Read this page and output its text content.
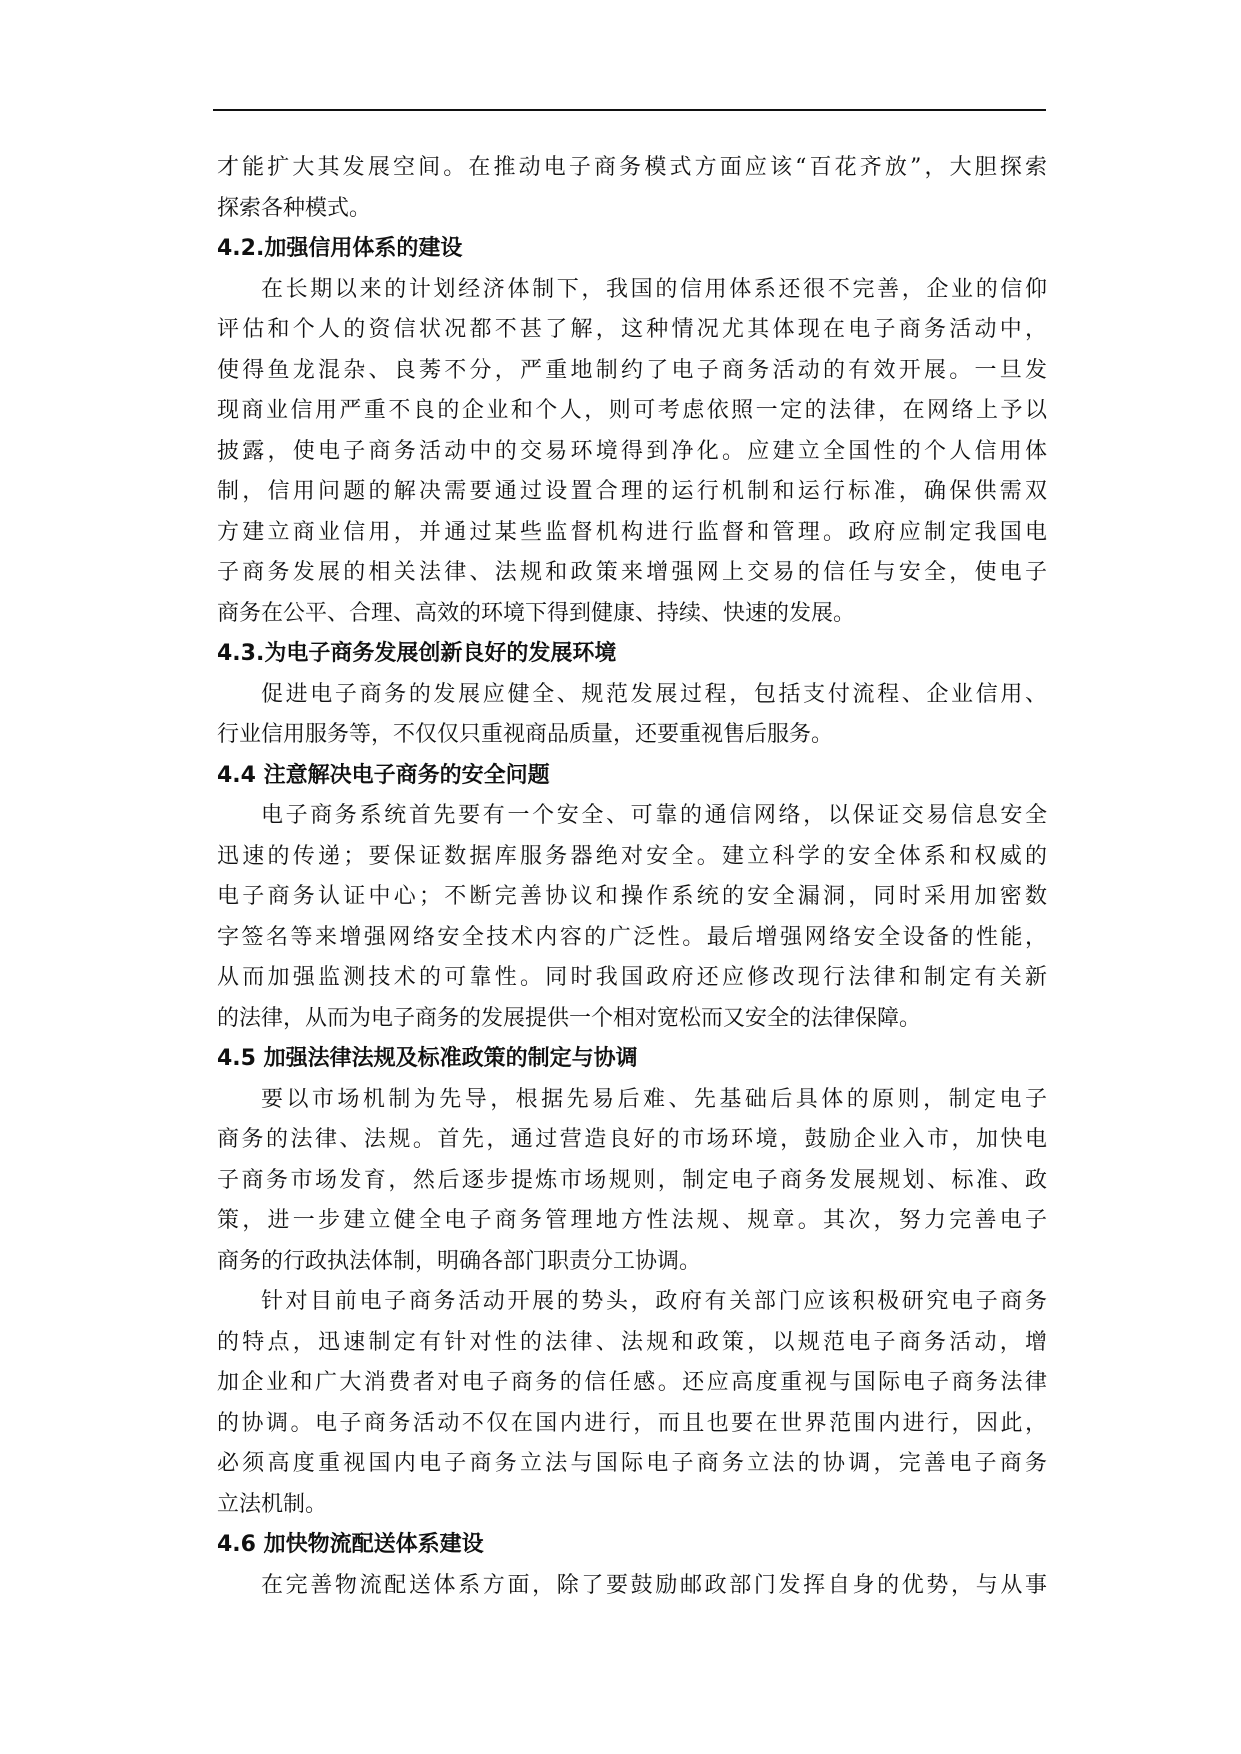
才能扩大其发展空间。在推动电子商务模式方面应该“百花齐放”，大胆探索
探索各种模式。
4.2.加强信用体系的建设
在长期以来的计划经济体制下，我国的信用体系还很不完善，企业的信仰
评估和个人的资信状况都不甚了解，这种情况尤其体现在电子商务活动中，
使得鱼龙混杂、良莠不分，严重地制约了电子商务活动的有效开展。一旦发
现商业信用严重不良的企业和个人，则可考虑依照一定的法律，在网络上予以
披露，使电子商务活动中的交易环境得到净化。应建立全国性的个人信用体
制，信用问题的解决需要通过设置合理的运行机制和运行标准，确保供需双
方建立商业信用，并通过某些监督机构进行监督和管理。政府应制定我国电
子商务发展的相关法律、法规和政策来增强网上交易的信任与安全，使电子
商务在公平、合理、高效的环境下得到健康、持续、快速的发展。
4.3.为电子商务发展创新良好的发展环境
促进电子商务的发展应健全、规范发展过程，包括支付流程、企业信用、
行业信用服务等，不仅仅只重视商品质量，还要重视售后服务。
4.4 注意解决电子商务的安全问题
电子商务系统首先要有一个安全、可靠的通信网络，以保证交易信息安全
迅速的传递；要保证数据库服务器绝对安全。建立科学的安全体系和权威的
电子商务认证中心；不断完善协议和操作系统的安全漏洞，同时采用加密数
字签名等来增强网络安全技术内容的广泛性。最后增强网络安全设备的性能，
从而加强监测技术的可靠性。同时我国政府还应修改现行法律和制定有关新
的法律，从而为电子商务的发展提供一个相对宽松而又安全的法律保障。
4.5 加强法律法规及标准政策的制定与协调
要以市场机制为先导，根据先易后难、先基础后具体的原则，制定电子
商务的法律、法规。首先，通过营造良好的市场环境，鼓励企业入市，加快电
子商务市场发育，然后逐步提炼市场规则，制定电子商务发展规划、标准、政
策，进一步建立健全电子商务管理地方性法规、规章。其次，努力完善电子
商务的行政执法体制，明确各部门职责分工协调。
针对目前电子商务活动开展的势头，政府有关部门应该积极研究电子商务
的特点，迅速制定有针对性的法律、法规和政策，以规范电子商务活动，增
加企业和广大消费者对电子商务的信任感。还应高度重视与国际电子商务法律
的协调。电子商务活动不仅在国内进行，而且也要在世界范围内进行，因此，
必须高度重视国内电子商务立法与国际电子商务立法的协调，完善电子商务
立法机制。
4.6 加快物流配送体系建设
在完善物流配送体系方面，除了要鼓励邮政部门发挥自身的优势，与从事
